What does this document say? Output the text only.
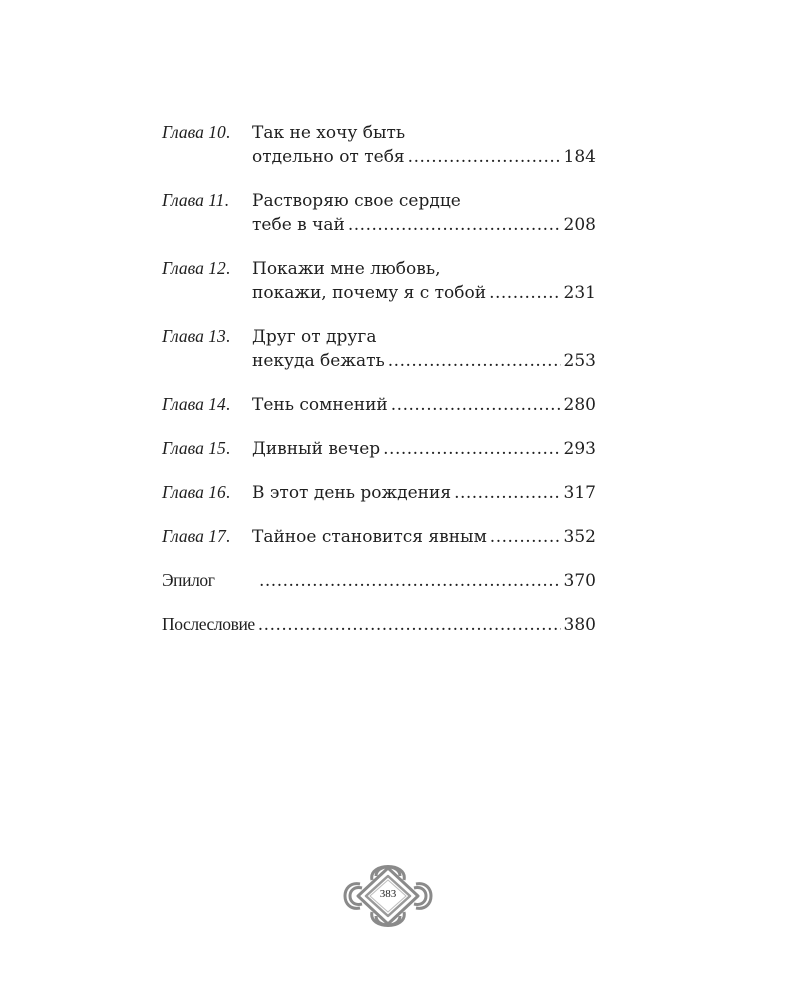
Глава 10.	Так не хочу быть
отдельно от тебя .....	184
Глава 11.	Растворяю свое сердце
тебе в чай .....	208
Глава 12.	Покажи мне любовь,
покажи, почему я с тобой .....	231
Глава 13.	Друг от друга
некуда бежать .....	253
Глава 14.	Тень сомнений .....	280
Глава 15.	Дивный вечер .....	293
Глава 16.	В этот день рождения .....	317
Глава 17.	Тайное становится явным .....	352
Эпилог .....	370
Послесловие .....	380
383
